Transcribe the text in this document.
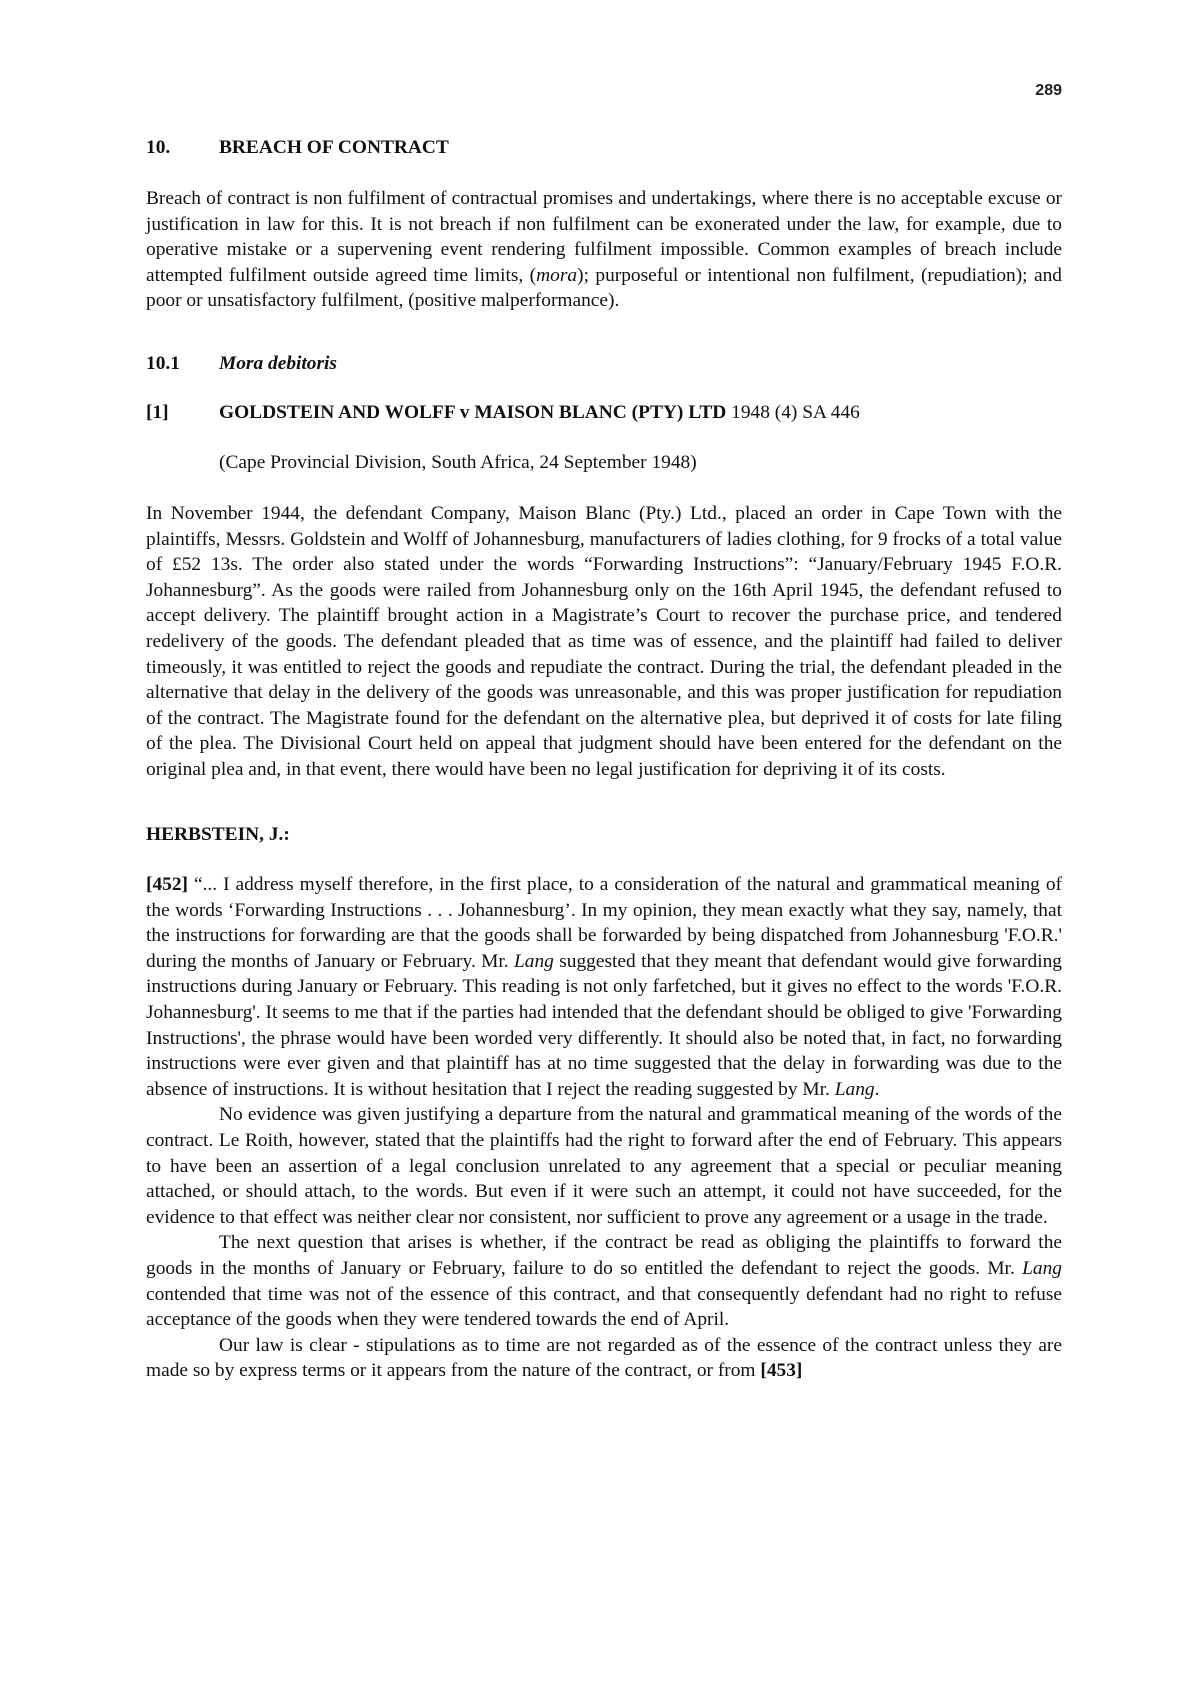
289
10.	BREACH OF CONTRACT

Breach of contract is non fulfilment of contractual promises and undertakings, where there is no acceptable excuse or justification in law for this. It is not breach if non fulfilment can be exonerated under the law, for example, due to operative mistake or a supervening event rendering fulfilment impossible. Common examples of breach include attempted fulfilment outside agreed time limits, (mora); purposeful or intentional non fulfilment, (repudiation); and poor or unsatisfactory fulfilment, (positive malperformance).

10.1 Mora debitoris
[1]	GOLDSTEIN AND WOLFF v MAISON BLANC (PTY) LTD 1948 (4) SA 446
(Cape Provincial Division, South Africa, 24 September 1948)

In November 1944, the defendant Company, Maison Blanc (Pty.) Ltd., placed an order in Cape Town with the plaintiffs, Messrs. Goldstein and Wolff of Johannesburg, manufacturers of ladies clothing, for 9 frocks of a total value of £52 13s. The order also stated under the words “Forwarding Instructions”: “January/February 1945 F.O.R. Johannesburg”. As the goods were railed from Johannesburg only on the 16th April 1945, the defendant refused to accept delivery. The plaintiff brought action in a Magistrate’s Court to recover the purchase price, and tendered redelivery of the goods. The defendant pleaded that as time was of essence, and the plaintiff had failed to deliver timeously, it was entitled to reject the goods and repudiate the contract. During the trial, the defendant pleaded in the alternative that delay in the delivery of the goods was unreasonable, and this was proper justification for repudiation of the contract. The Magistrate found for the defendant on the alternative plea, but deprived it of costs for late filing of the plea. The Divisional Court held on appeal that judgment should have been entered for the defendant on the original plea and, in that event, there would have been no legal justification for depriving it of its costs.

HERBSTEIN, J.:
[452] “... I address myself therefore, in the first place, to a consideration of the natural and grammatical meaning of the words ‘Forwarding Instructions . . . Johannesburg’. In my opinion, they mean exactly what they say, namely, that the instructions for forwarding are that the goods shall be forwarded by being dispatched from Johannesburg 'F.O.R.' during the months of January or February. Mr. Lang suggested that they meant that defendant would give forwarding instructions during January or February. This reading is not only farfetched, but it gives no effect to the words 'F.O.R. Johannesburg'. It seems to me that if the parties had intended that the defendant should be obliged to give 'Forwarding Instructions', the phrase would have been worded very differently. It should also be noted that, in fact, no forwarding instructions were ever given and that plaintiff has at no time suggested that the delay in forwarding was due to the absence of instructions. It is without hesitation that I reject the reading suggested by Mr. Lang.
No evidence was given justifying a departure from the natural and grammatical meaning of the words of the contract. Le Roith, however, stated that the plaintiffs had the right to forward after the end of February. This appears to have been an assertion of a legal conclusion unrelated to any agreement that a special or peculiar meaning attached, or should attach, to the words. But even if it were such an attempt, it could not have succeeded, for the evidence to that effect was neither clear nor consistent, nor sufficient to prove any agreement or a usage in the trade.
The next question that arises is whether, if the contract be read as obliging the plaintiffs to forward the goods in the months of January or February, failure to do so entitled the defendant to reject the goods. Mr. Lang contended that time was not of the essence of this contract, and that consequently defendant had no right to refuse acceptance of the goods when they were tendered towards the end of April.
Our law is clear - stipulations as to time are not regarded as of the essence of the contract unless they are made so by express terms or it appears from the nature of the contract, or from [453]
